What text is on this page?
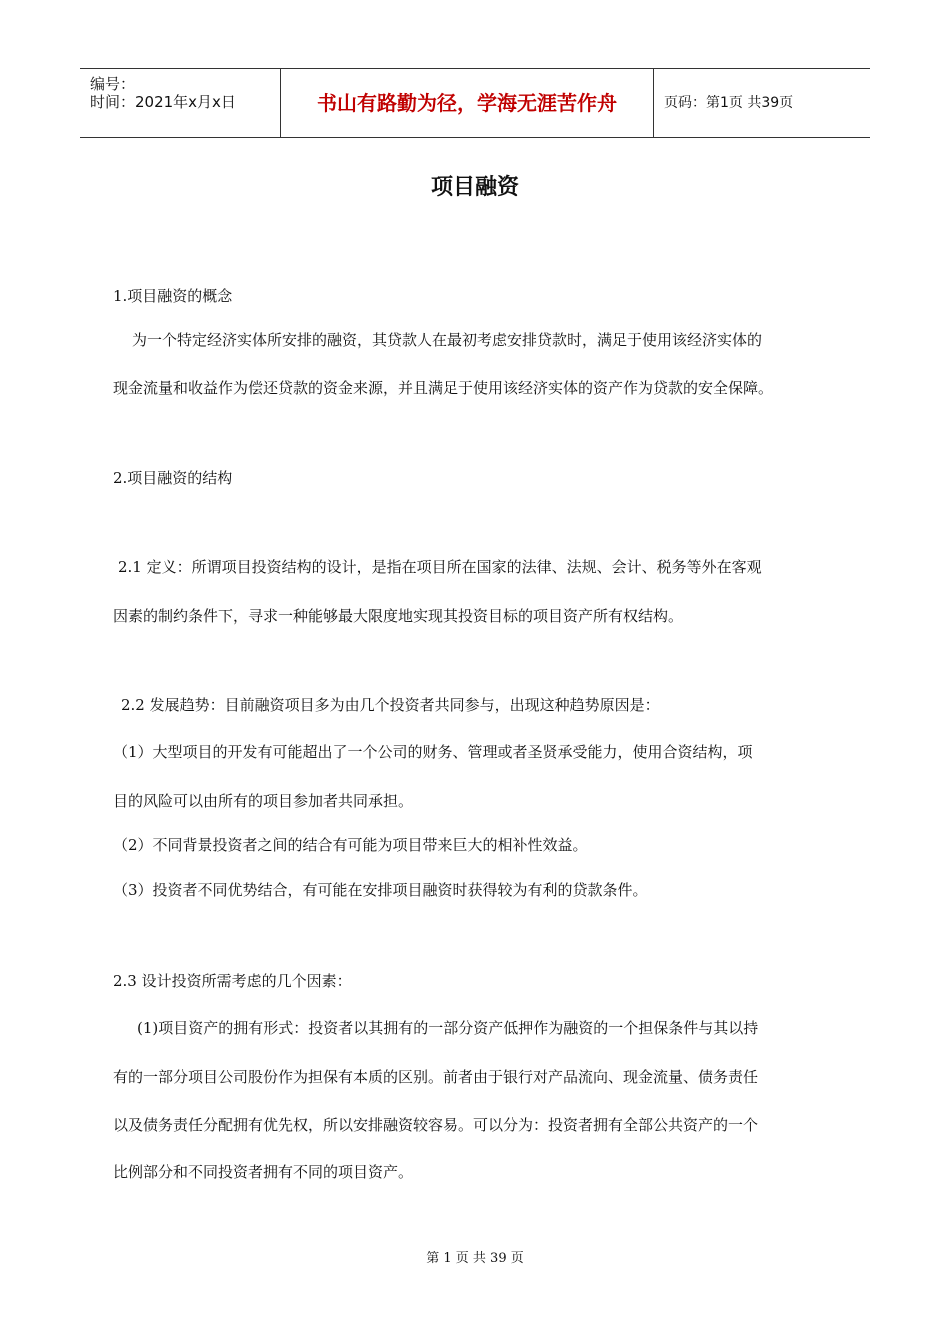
编号：
时间：2021年x月x日	书山有路勤为径，学海无涯苦作舟	页码：第1页 共39页
项目融资
1.项目融资的概念
为一个特定经济实体所安排的融资，其贷款人在最初考虑安排贷款时，满足于使用该经济实体的
现金流量和收益作为偿还贷款的资金来源，并且满足于使用该经济实体的资产作为贷款的安全保障。
2.项目融资的结构
2.1 定义：所谓项目投资结构的设计，是指在项目所在国家的法律、法规、会计、税务等外在客观
因素的制约条件下，寻求一种能够最大限度地实现其投资目标的项目资产所有权结构。
2.2 发展趋势：目前融资项目多为由几个投资者共同参与，出现这种趋势原因是：
（1）大型项目的开发有可能超出了一个公司的财务、管理或者圣贤承受能力，使用合资结构，项
目的风险可以由所有的项目参加者共同承担。
（2）不同背景投资者之间的结合有可能为项目带来巨大的相补性效益。
（3）投资者不同优势结合，有可能在安排项目融资时获得较为有利的贷款条件。
2.3 设计投资所需考虑的几个因素：
(1)项目资产的拥有形式：投资者以其拥有的一部分资产低押作为融资的一个担保条件与其以持
有的一部分项目公司股份作为担保有本质的区别。前者由于银行对产品流向、现金流量、债务责任
以及债务责任分配拥有优先权，所以安排融资较容易。可以分为：投资者拥有全部公共资产的一个
比例部分和不同投资者拥有不同的项目资产。
第 1 页 共 39 页
